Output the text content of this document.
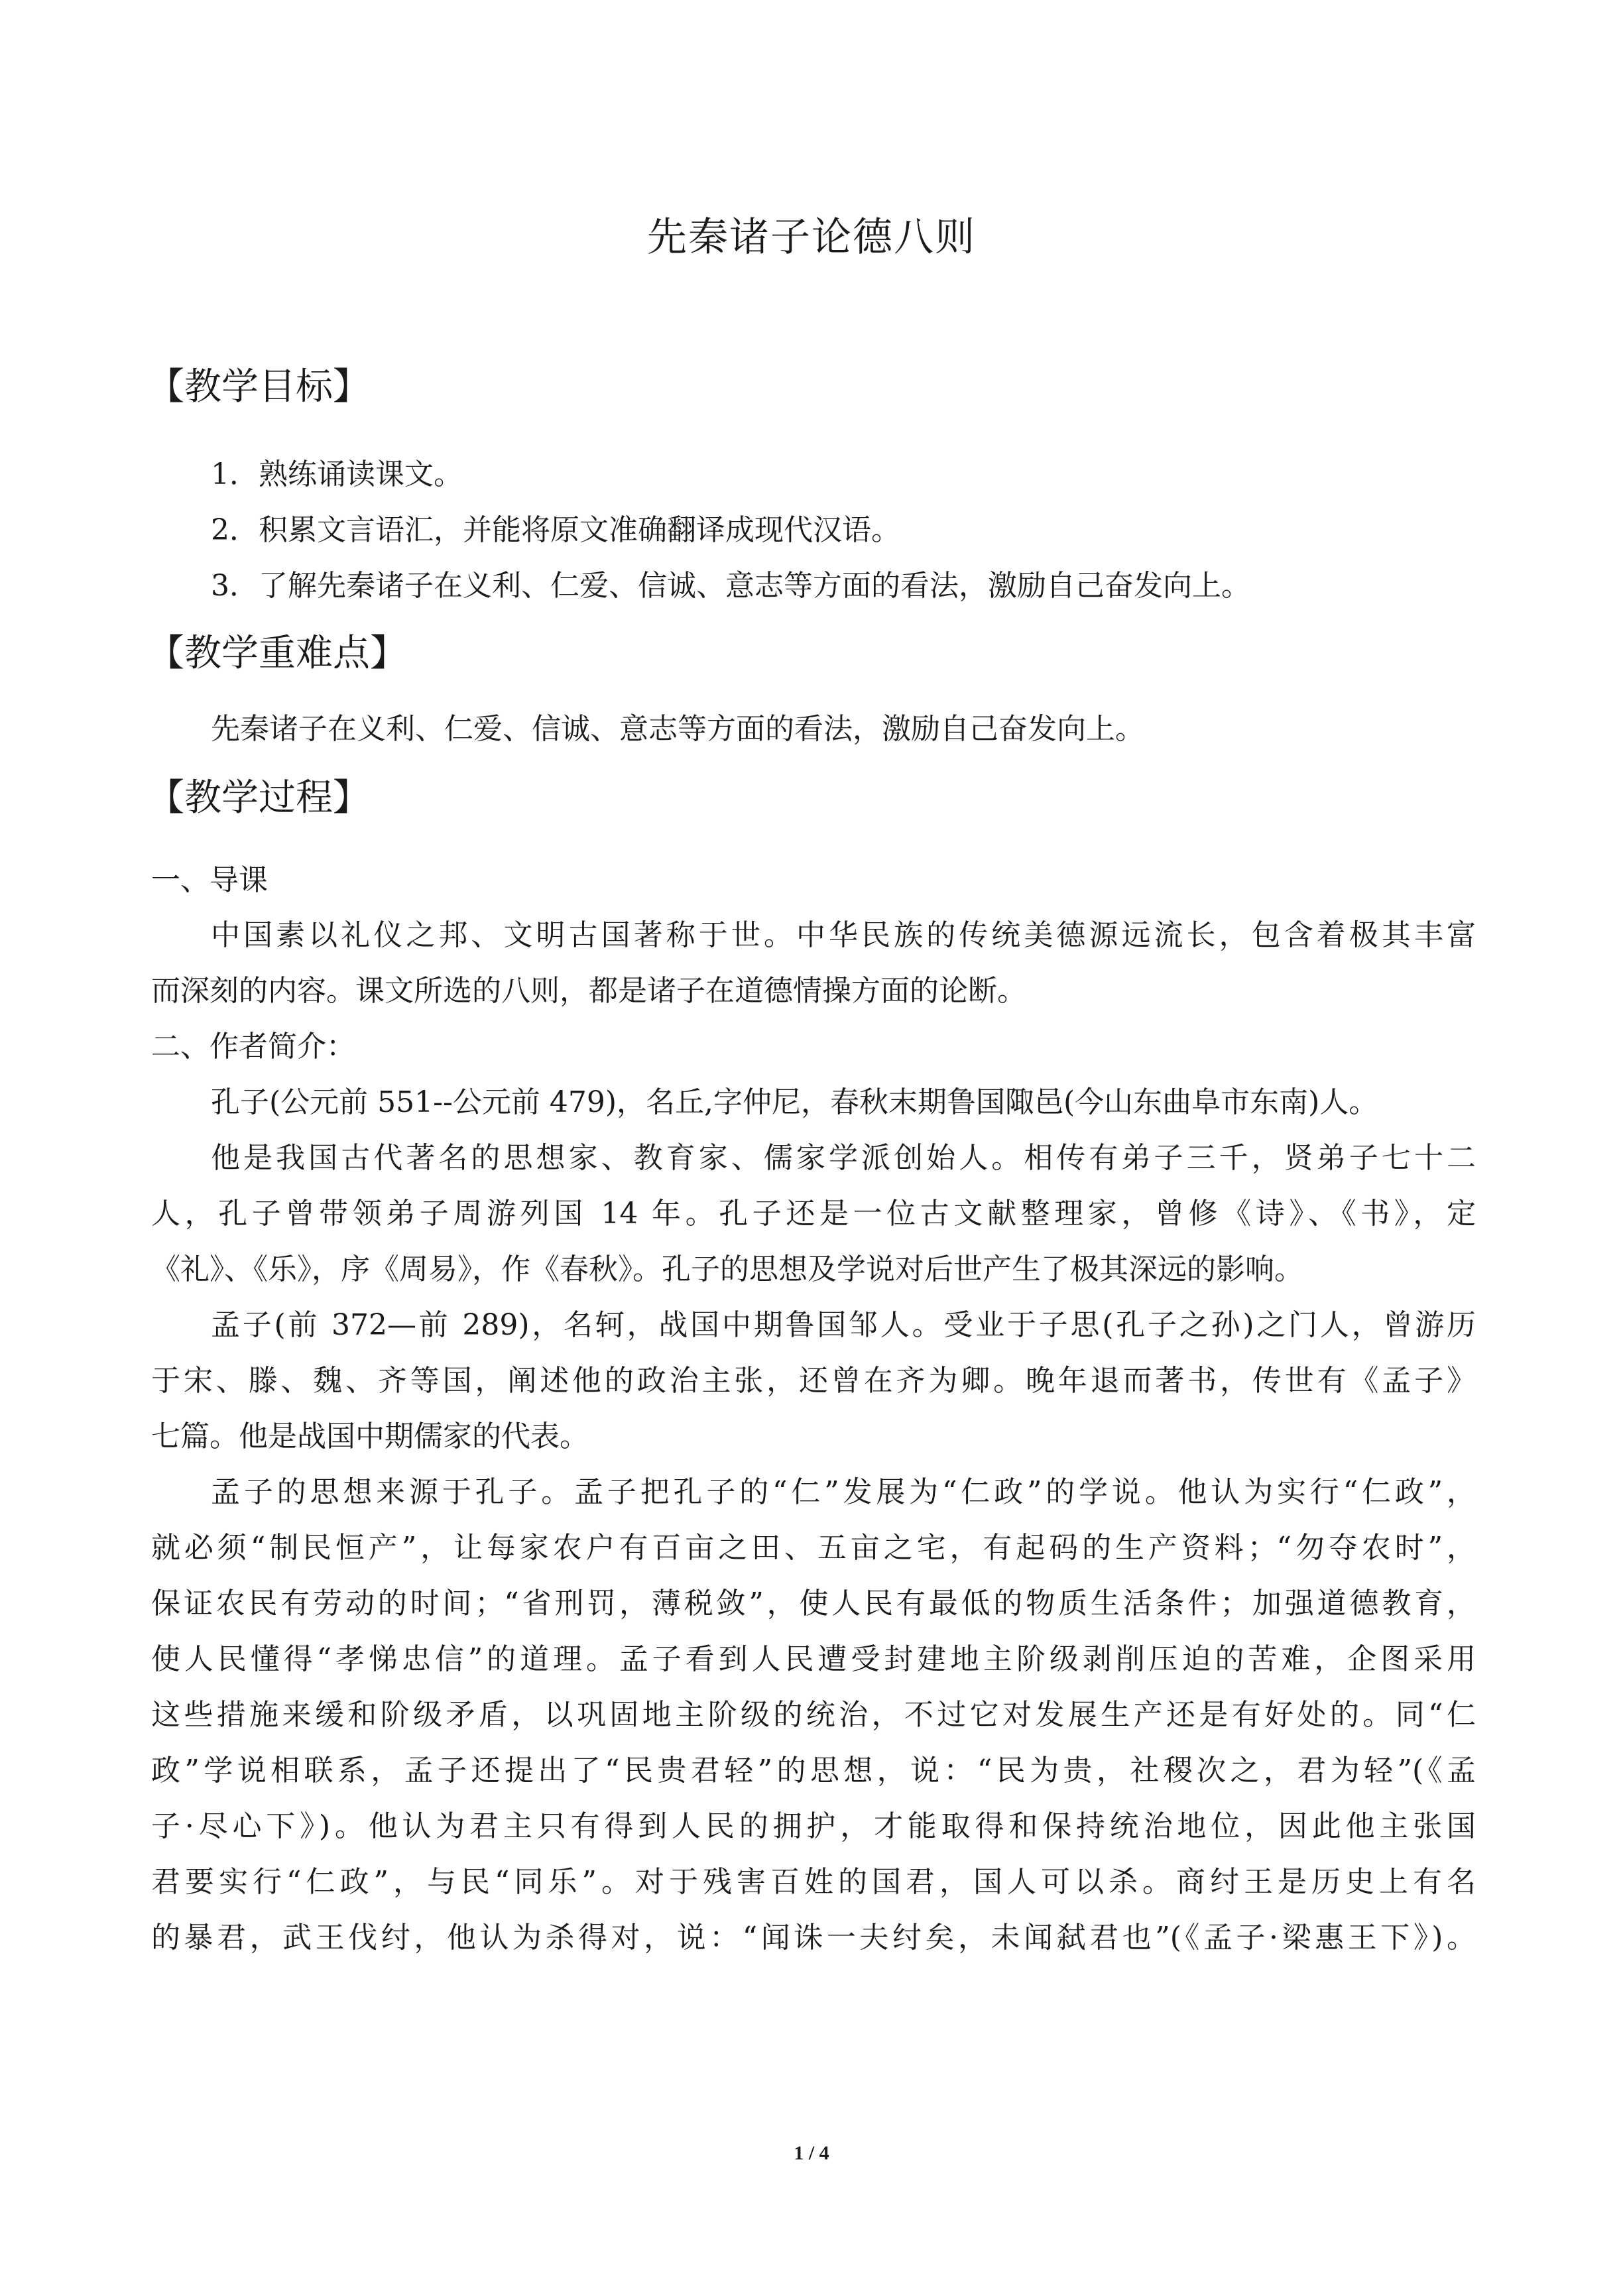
先秦诸子论德八则
【教学目标】
1．熟练诵读课文。
2．积累文言语汇，并能将原文准确翻译成现代汉语。
3．了解先秦诸子在义利、仁爱、信诚、意志等方面的看法，激励自己奋发向上。
【教学重难点】
先秦诸子在义利、仁爱、信诚、意志等方面的看法，激励自己奋发向上。
【教学过程】
一、导课
中国素以礼仪之邦、文明古国著称于世。中华民族的传统美德源远流长，包含着极其丰富
而深刻的内容。课文所选的八则，都是诸子在道德情操方面的论断。
二、作者简介：
孔子(公元前 551--公元前 479)，名丘,字仲尼，春秋末期鲁国陬邑(今山东曲阜市东南)人。
他是我国古代著名的思想家、教育家、儒家学派创始人。相传有弟子三千，贤弟子七十二
人，孔子曾带领弟子周游列国 14 年。孔子还是一位古文献整理家，曾修《诗》、《书》，定
《礼》、《乐》，序《周易》，作《春秋》。孔子的思想及学说对后世产生了极其深远的影响。
孟子(前 372—前 289)，名轲，战国中期鲁国邹人。受业于子思(孔子之孙)之门人，曾游历
于宋、滕、魏、齐等国，阐述他的政治主张，还曾在齐为卿。晚年退而著书，传世有《孟子》
七篇。他是战国中期儒家的代表。
孟子的思想来源于孔子。孟子把孔子的“仁”发展为“仁政”的学说。他认为实行“仁政”，
就必须“制民恒产”，让每家农户有百亩之田、五亩之宅，有起码的生产资料；“勿夺农时”，
保证农民有劳动的时间；“省刑罚，薄税敛”，使人民有最低的物质生活条件；加强道德教育，
使人民懂得“孝悌忠信”的道理。孟子看到人民遭受封建地主阶级剥削压迫的苦难，企图采用
这些措施来缓和阶级矛盾，以巩固地主阶级的统治，不过它对发展生产还是有好处的。同“仁
政”学说相联系，孟子还提出了“民贵君轻”的思想，说：“民为贵，社稷次之，君为轻”(《孟
子·尽心下》)。他认为君主只有得到人民的拥护，才能取得和保持统治地位，因此他主张国
君要实行“仁政”，与民“同乐”。对于残害百姓的国君，国人可以杀。商纣王是历史上有名
的暴君，武王伐纣，他认为杀得对，说：“闻诛一夫纣矣，未闻弑君也”(《孟子·梁惠王下》)。
1 / 4
